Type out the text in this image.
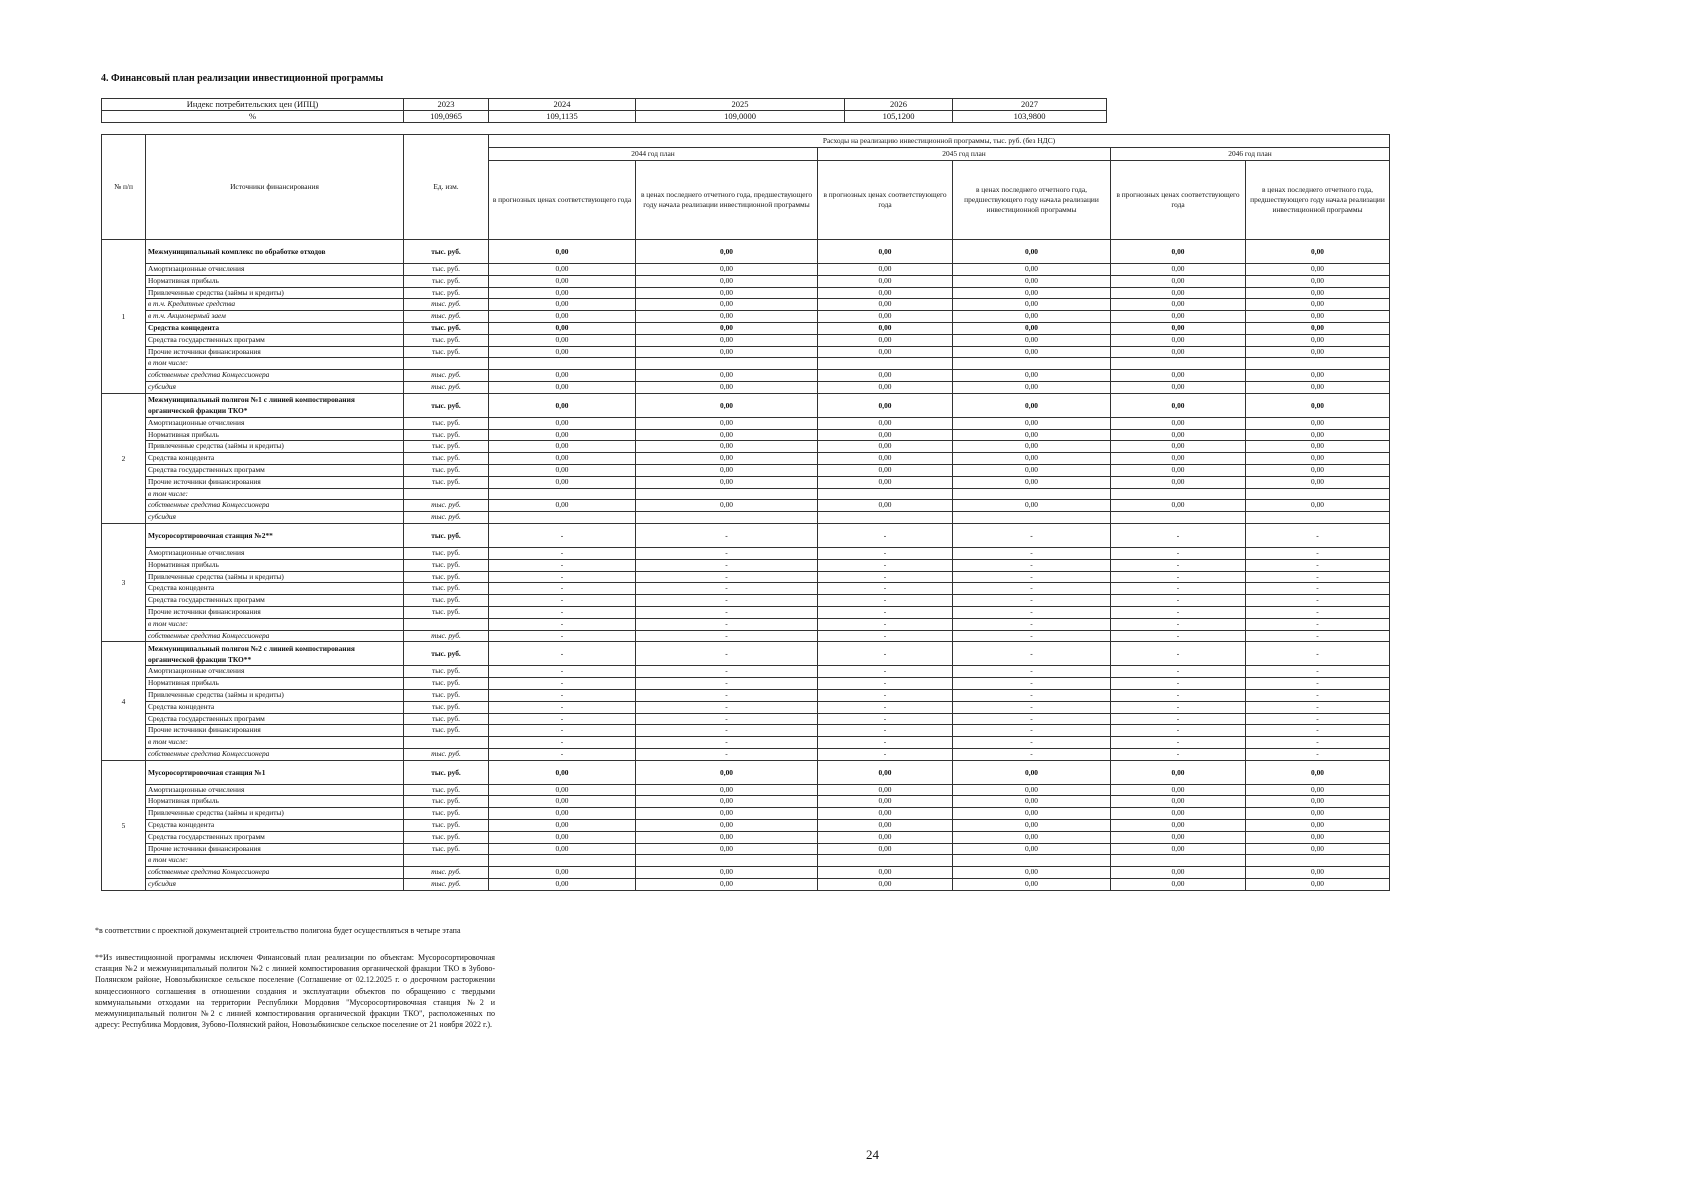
4. Финансовый план реализации инвестиционной программы
Индекс потребительских цен (ИПЦ)	2023	2024	2025	2026	2027
%	109,0965	109,1135	109,0000	105,1200	103,9800
№ п/п	Источники финансирования	Ед. изм.	Расходы на реализацию инвестиционной программы, тыс. руб. (без НДС)					
			2044 год план		2045 год план		2046 год план	
			в прогнозных ценах соответствующего года	в ценах последнего отчетного года, предшествующего году начала реализации инвестиционной программы	в прогнозных ценах соответствующего года	в ценах последнего отчетного года, предшествующего году начала реализации инвестиционной программы	в прогнозных ценах соответствующего года	в ценах последнего отчетного года, предшествующего году начала реализации инвестиционной программы
1	Межмуниципальный комплекс по обработке отходов	тыс. руб.	0,00	0,00	0,00	0,00	0,00	0,00
	Амортизационные отчисления	тыс. руб.	0,00	0,00	0,00	0,00	0,00	0,00
	Нормативная прибыль	тыс. руб.	0,00	0,00	0,00	0,00	0,00	0,00
	Привлеченные средства (займы и кредиты)	тыс. руб.	0,00	0,00	0,00	0,00	0,00	0,00
	в т.ч. Кредитные средства	тыс. руб.	0,00	0,00	0,00	0,00	0,00	0,00
	в т.ч. Акционерный заем	тыс. руб.	0,00	0,00	0,00	0,00	0,00	0,00
	Средства концедента	тыс. руб.	0,00	0,00	0,00	0,00	0,00	0,00
	Средства государственных программ	тыс. руб.	0,00	0,00	0,00	0,00	0,00	0,00
	Прочие источники финансирования	тыс. руб.	0,00	0,00	0,00	0,00	0,00	0,00
	в том числе:							
	собственные средства Концессионера	тыс. руб.	0,00	0,00	0,00	0,00	0,00	0,00
	субсидия	тыс. руб.	0,00	0,00	0,00	0,00	0,00	0,00
2	Межмуниципальный полигон №1 с линией компостирования органической фракции ТКО*	тыс. руб.	0,00	0,00	0,00	0,00	0,00	0,00
	Амортизационные отчисления	тыс. руб.	0,00	0,00	0,00	0,00	0,00	0,00
	Нормативная прибыль	тыс. руб.	0,00	0,00	0,00	0,00	0,00	0,00
	Привлеченные средства (займы и кредиты)	тыс. руб.	0,00	0,00	0,00	0,00	0,00	0,00
	Средства концедента	тыс. руб.	0,00	0,00	0,00	0,00	0,00	0,00
	Средства государственных программ	тыс. руб.	0,00	0,00	0,00	0,00	0,00	0,00
	Прочие источники финансирования	тыс. руб.	0,00	0,00	0,00	0,00	0,00	0,00
	в том числе:							
	собственные средства Концессионера	тыс. руб.	0,00	0,00	0,00	0,00	0,00	0,00
	субсидия	тыс. руб.						
3	Мусоросортировочная станция №2**	тыс. руб.	-	-	-	-	-	-
	Амортизационные отчисления	тыс. руб.	-	-	-	-	-	-
	Нормативная прибыль	тыс. руб.	-	-	-	-	-	-
	Привлеченные средства (займы и кредиты)	тыс. руб.	-	-	-	-	-	-
	Средства концедента	тыс. руб.	-	-	-	-	-	-
	Средства государственных программ	тыс. руб.	-	-	-	-	-	-
	Прочие источники финансирования	тыс. руб.	-	-	-	-	-	-
	в том числе:		-	-	-	-	-	-
	собственные средства Концессионера	тыс. руб.	-	-	-	-	-	-
4	Межмуниципальный полигон №2 с линией компостирования органической фракции ТКО**	тыс. руб.	-	-	-	-	-	-
	Амортизационные отчисления	тыс. руб.	-	-	-	-	-	-
	Нормативная прибыль	тыс. руб.	-	-	-	-	-	-
	Привлеченные средства (займы и кредиты)	тыс. руб.	-	-	-	-	-	-
	Средства концедента	тыс. руб.	-	-	-	-	-	-
	Средства государственных программ	тыс. руб.	-	-	-	-	-	-
	Прочие источники финансирования	тыс. руб.	-	-	-	-	-	-
	в том числе:		-	-	-	-	-	-
	собственные средства Концессионера	тыс. руб.	-	-	-	-	-	-
5	Мусоросортировочная станция №1	тыс. руб.	0,00	0,00	0,00	0,00	0,00	0,00
	Амортизационные отчисления	тыс. руб.	0,00	0,00	0,00	0,00	0,00	0,00
	Нормативная прибыль	тыс. руб.	0,00	0,00	0,00	0,00	0,00	0,00
	Привлеченные средства (займы и кредиты)	тыс. руб.	0,00	0,00	0,00	0,00	0,00	0,00
	Средства концедента	тыс. руб.	0,00	0,00	0,00	0,00	0,00	0,00
	Средства государственных программ	тыс. руб.	0,00	0,00	0,00	0,00	0,00	0,00
	Прочие источники финансирования	тыс. руб.	0,00	0,00	0,00	0,00	0,00	0,00
	в том числе:							
	собственные средства Концессионера	тыс. руб.	0,00	0,00	0,00	0,00	0,00	0,00
	субсидия	тыс. руб.	0,00	0,00	0,00	0,00	0,00	0,00
*в соответствии с проектной документацией строительство полигона будет осуществляться в четыре этапа
**Из инвестиционной программы исключен Финансовый план реализации по объектам: Мусоросортировочная станция №2 и межмуниципальный полигон №2 с линией компостирования органической фракции ТКО в Зубово-Полянском районе, Новозыбкинское сельское поселение (Соглашение от 02.12.2025 г. о досрочном расторжении концессионного соглашения в отношении создания и эксплуатации объектов по обращению с твердыми коммунальными отходами на территории Республики Мордовия "Мусоросортировочная станция №2 и межмуниципальный полигон №2 с линией компостирования органической фракции ТКО", расположенных по адресу: Республика Мордовия, Зубово-Полянский район, Новозыбкинское сельское поселение от 21 ноября 2022 г.).
24
